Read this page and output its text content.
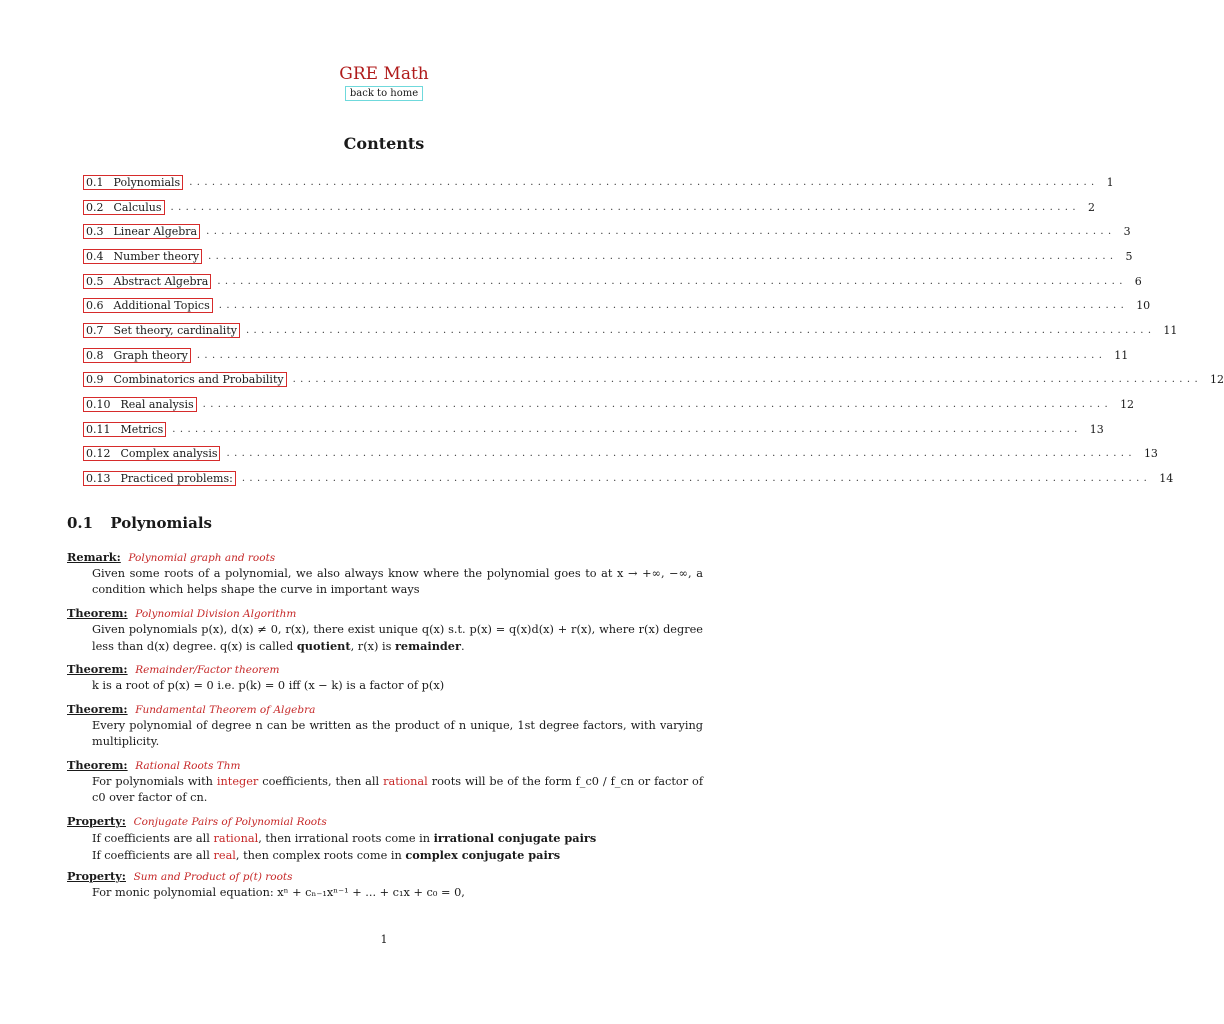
GRE Math
back to home
Contents
0.1 Polynomials ........................................................................................................................ 1
0.2 Calculus ........................................................................................................................ 2
0.3 Linear Algebra ........................................................................................................................ 3
0.4 Number theory ........................................................................................................................ 5
0.5 Abstract Algebra ........................................................................................................................ 6
0.6 Additional Topics ........................................................................................................................ 10
0.7 Set theory, cardinality ........................................................................................................................ 11
0.8 Graph theory ........................................................................................................................ 11
0.9 Combinatorics and Probability ........................................................................................................................ 12
0.10 Real analysis ........................................................................................................................ 12
0.11 Metrics ........................................................................................................................ 13
0.12 Complex analysis ........................................................................................................................ 13
0.13 Practiced problems: ........................................................................................................................ 14
0.1 Polynomials
Remark: Polynomial graph and roots
Given some roots of a polynomial, we also always know where the polynomial goes to at x → +∞, −∞, a condition which helps shape the curve in important ways
Theorem: Polynomial Division Algorithm
Given polynomials p(x), d(x) ≠ 0, r(x), there exist unique q(x) s.t. p(x) = q(x)d(x) + r(x), where r(x) degree less than d(x) degree. q(x) is called quotient, r(x) is remainder.
Theorem: Remainder/Factor theorem
k is a root of p(x) = 0 i.e. p(k) = 0 iff (x − k) is a factor of p(x)
Theorem: Fundamental Theorem of Algebra
Every polynomial of degree n can be written as the product of n unique, 1st degree factors, with varying multiplicity.
Theorem: Rational Roots Thm
For polynomials with integer coefficients, then all rational roots will be of the form f_c0 / f_cn or factor of c0 over factor of cn.
Property: Conjugate Pairs of Polynomial Roots
If coefficients are all rational, then irrational roots come in irrational conjugate pairs
If coefficients are all real, then complex roots come in complex conjugate pairs
Property: Sum and Product of p(t) roots
For monic polynomial equation: xⁿ + cₙ₋₁xⁿ⁻¹ + ... + c₁x + c₀ = 0,
1
